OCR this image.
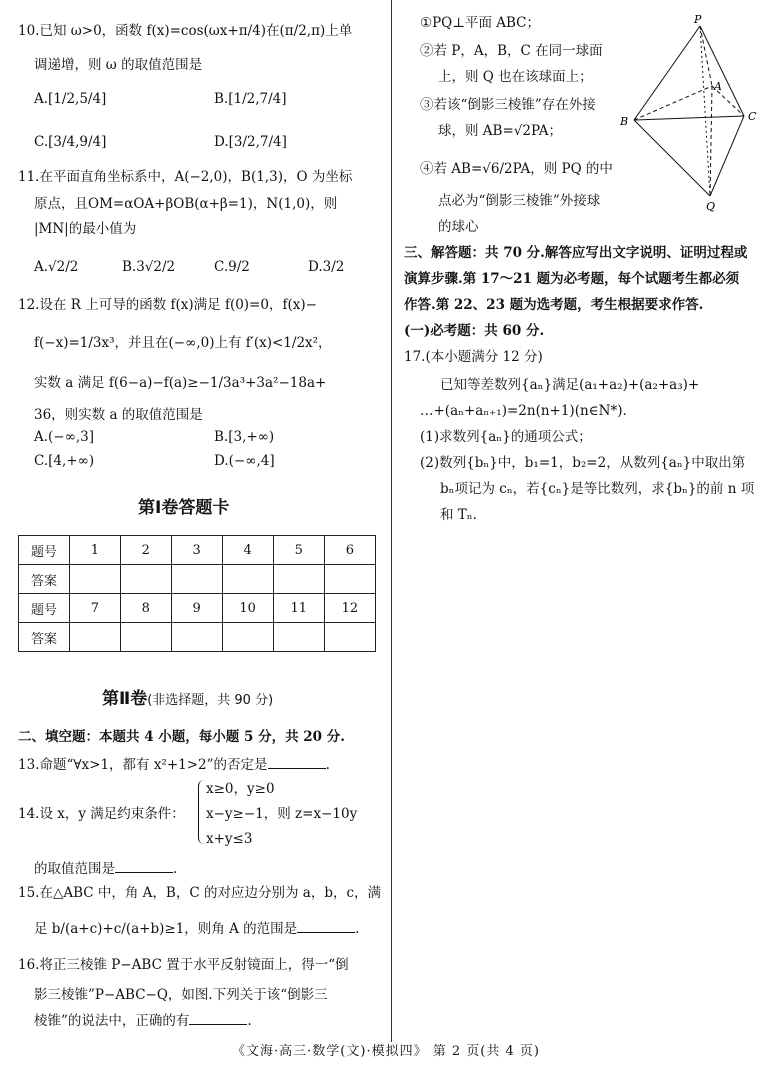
10.已知 ω>0，函数 f(x)=cos(ωx+π/4)在(π/2,π)上单
调递增，则 ω 的取值范围是
A.[1/2,5/4]	B.[1/2,7/4]
C.[3/4,9/4]	D.[3/2,7/4]
11.在平面直角坐标系中，A(−2,0)，B(1,3)，O 为坐标
原点，且OM=αOA+βOB(α+β=1)，N(1,0)，则
|MN|的最小值为
A.√2/2	B.3√2/2	C.9/2	D.3/2
12.设在 R 上可导的函数 f(x)满足 f(0)=0，f(x)−
f(−x)=1/3x³，并且在(−∞,0)上有 f′(x)<1/2x²，
实数 a 满足 f(6−a)−f(a)≥−1/3a³+3a²−18a+
36，则实数 a 的取值范围是
A.(−∞,3]	B.[3,+∞)
C.[4,+∞)	D.(−∞,4]
第Ⅰ卷答题卡
题号	1	2	3	4	5	6
答案						
题号	7	8	9	10	11	12
答案						
第Ⅱ卷(非选择题，共 90 分)
二、填空题：本题共 4 小题，每小题 5 分，共 20 分.
13.命题“∀x>1，都有 x²+1>2”的否定是	.
14.设 x，y 满足约束条件：
x≥0，y≥0
x−y≥−1，则 z=x−10y
x+y≤3
的取值范围是	.
15.在△ABC 中，角 A，B，C 的对应边分别为 a，b，c，满
足 b/(a+c)+c/(a+b)≥1，则角 A 的范围是	.
16.将正三棱锥 P−ABC 置于水平反射镜面上，得一“倒
影三棱锥”P−ABC−Q，如图.下列关于该“倒影三
棱锥”的说法中，正确的有	.
①PQ⊥平面 ABC；
②若 P，A，B，C 在同一球面
上，则 Q 也在该球面上；
③若该“倒影三棱锥”存在外接
球，则 AB=√2PA；
④若 AB=√6/2PA，则 PQ 的中
点必为“倒影三棱锥”外接球
的球心
P
A
B	C
Q
三、解答题：共 70 分.解答应写出文字说明、证明过程或
演算步骤.第 17～21 题为必考题，每个试题考生都必须
作答.第 22、23 题为选考题，考生根据要求作答.
(一)必考题：共 60 分.
17.(本小题满分 12 分)
已知等差数列{aₙ}满足(a₁+a₂)+(a₂+a₃)+
…+(aₙ+aₙ₊₁)=2n(n+1)(n∈N*).
(1)求数列{aₙ}的通项公式；
(2)数列{bₙ}中，b₁=1，b₂=2，从数列{aₙ}中取出第
bₙ项记为 cₙ，若{cₙ}是等比数列，求{bₙ}的前 n 项
和 Tₙ.
《文海·高三·数学(文)·模拟四》 第 2 页(共 4 页)
